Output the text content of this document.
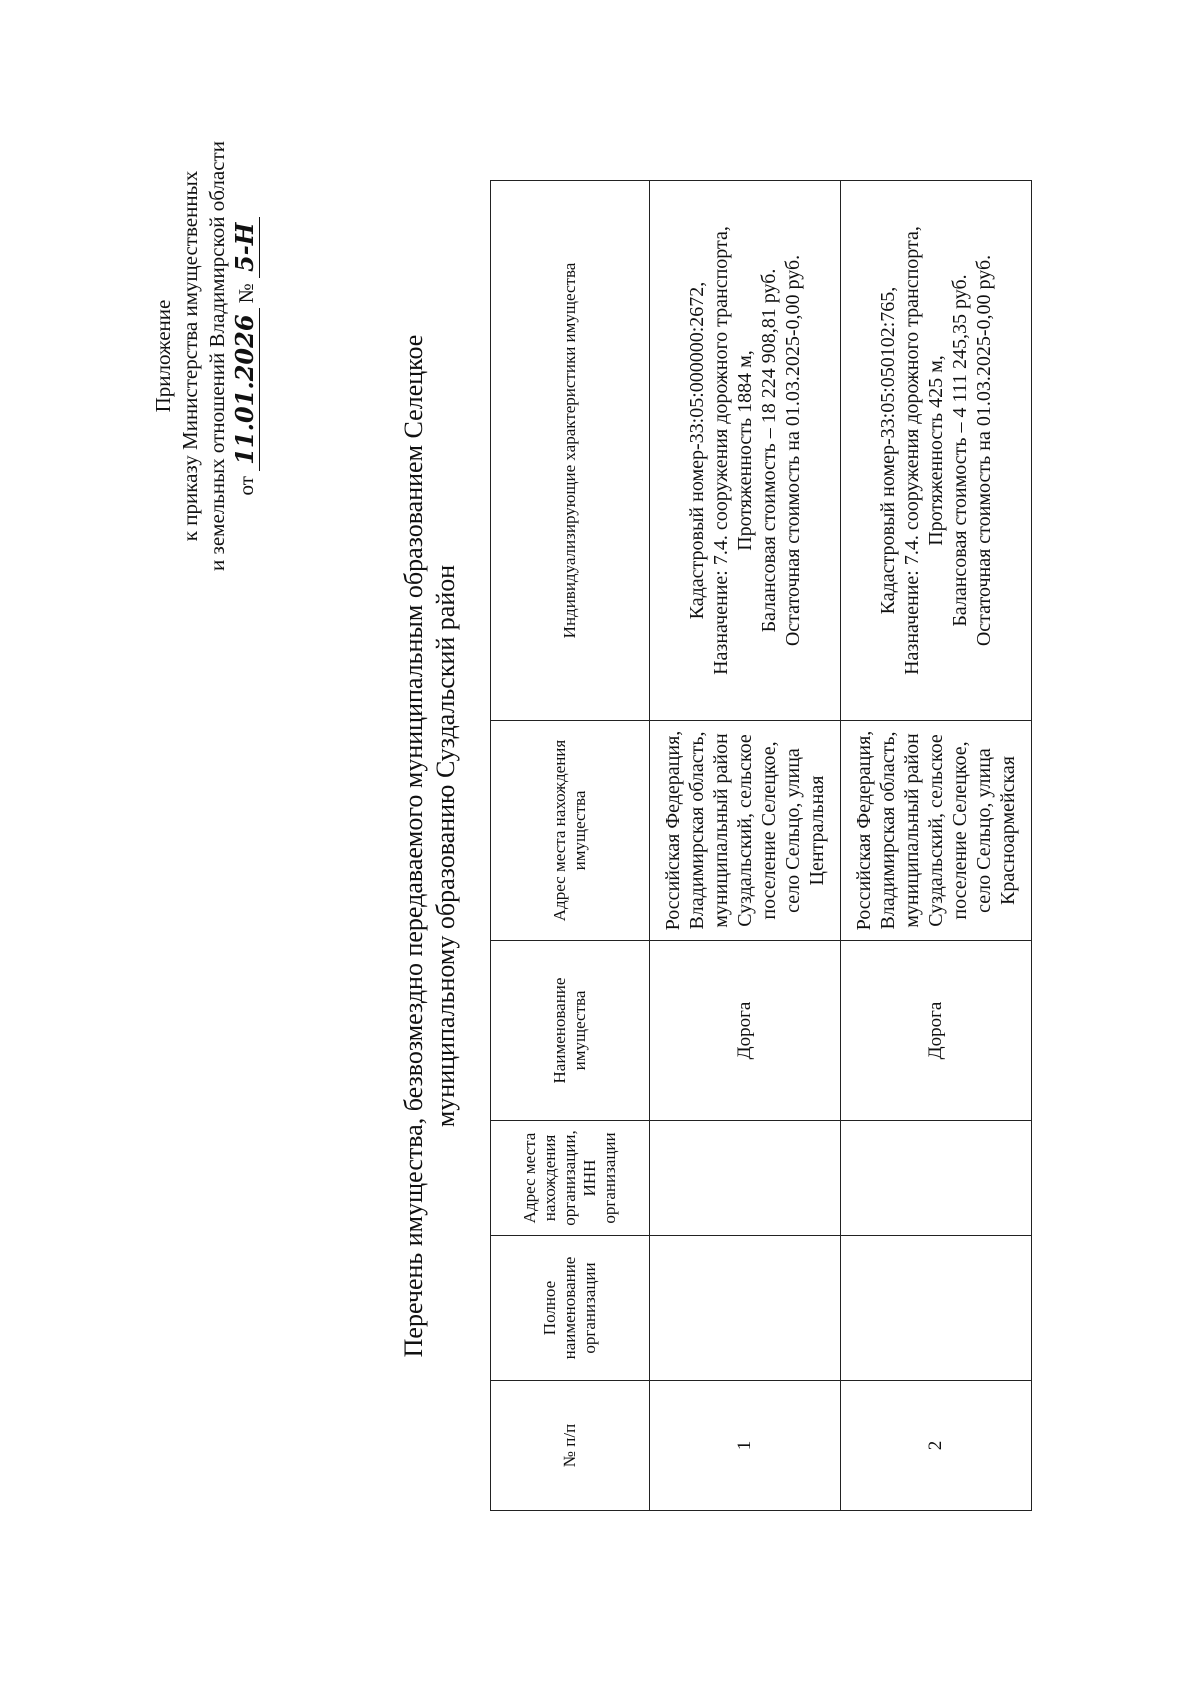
Приложение к приказу Министерства имущественных и земельных отношений Владимирской области от 11.01.2026 № 5-Н
Перечень имущества, безвозмездно передаваемого муниципальным образованием Селецкое муниципальному образованию Суздальский район
№ п/п	Полное наименование организации	Адрес места нахождения организации, ИНН организации	Наименование имущества	Адрес места нахождения имущества	Индивидуализирующие характеристики имущества
1			Дорога	Российская Федерация, Владимирская область, муниципальный район Суздальский, сельское поселение Селецкое, село Сельцо, улица Центральная	Кадастровый номер-33:05:000000:2672, Назначение: 7.4. сооружения дорожного транспорта, Протяженность 1884 м, Балансовая стоимость – 18 224 908,81 руб. Остаточная стоимость на 01.03.2025-0,00 руб.

2			Дорога	Российская Федерация, Владимирская область, муниципальный район Суздальский, сельское поселение Селецкое, село Сельцо, улица Красноармейская	Кадастровый номер-33:05:050102:765, Назначение: 7.4. сооружения дорожного транспорта, Протяженность 425 м, Балансовая стоимость – 4 111 245,35 руб. Остаточная стоимость на 01.03.2025-0,00 руб.
